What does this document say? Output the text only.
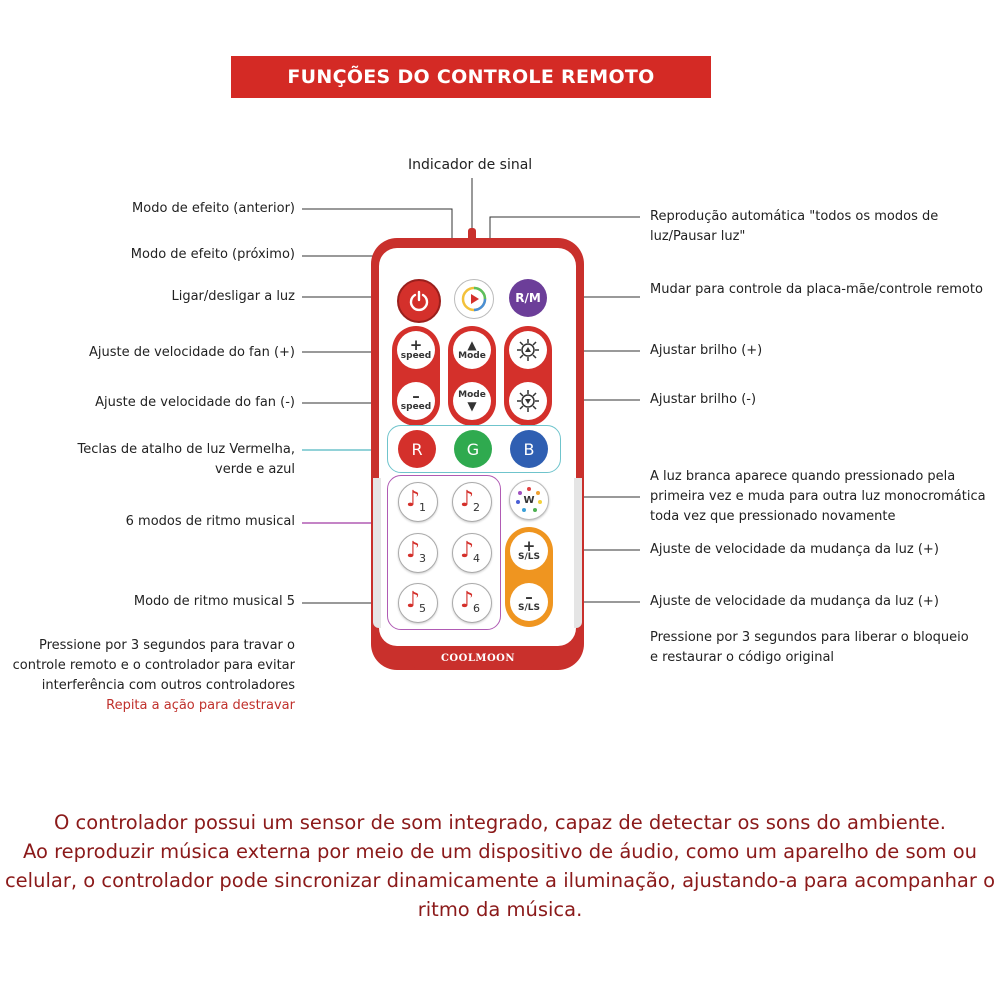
FUNÇÕES DO CONTROLE REMOTO
Modo de efeito (anterior)
Modo de efeito (próximo)
Ligar/desligar a luz
Ajuste de velocidade do fan (+)
Ajuste de velocidade do fan (-)
Teclas de atalho de luz Vermelha,
verde e azul
6 modos de ritmo musical
Modo de ritmo musical 5
Pressione por 3 segundos para travar o
controle remoto e o controlador para evitar
interferência com outros controladores
Repita a ação para destravar
Indicador de sinal
Reprodução automática "todos os modos de
luz/Pausar luz"
Mudar para controle da placa-mãe/controle remoto
Ajustar brilho (+)
Ajustar brilho (-)
A luz branca aparece quando pressionado pela
primeira vez e muda para outra luz monocromática
toda vez que pressionado novamente
Ajuste de velocidade da mudança da luz (+)
Ajuste de velocidade da mudança da luz (+)
Pressione por 3 segundos para liberar o bloqueio
e restaurar o código original
R/M
+
speed
–
speed
▲
Mode
Mode
▼
R	G	B
♪
1 ♪
2
♪
3 ♪
4
♪
5 ♪
6
W
+
S/LS
–
S/LS
COOLMOON
O controlador possui um sensor de som integrado, capaz de detectar os sons do ambiente.
Ao reproduzir música externa por meio de um dispositivo de áudio, como um aparelho de som ou
celular, o controlador pode sincronizar dinamicamente a iluminação, ajustando-a para acompanhar o
ritmo da música.
